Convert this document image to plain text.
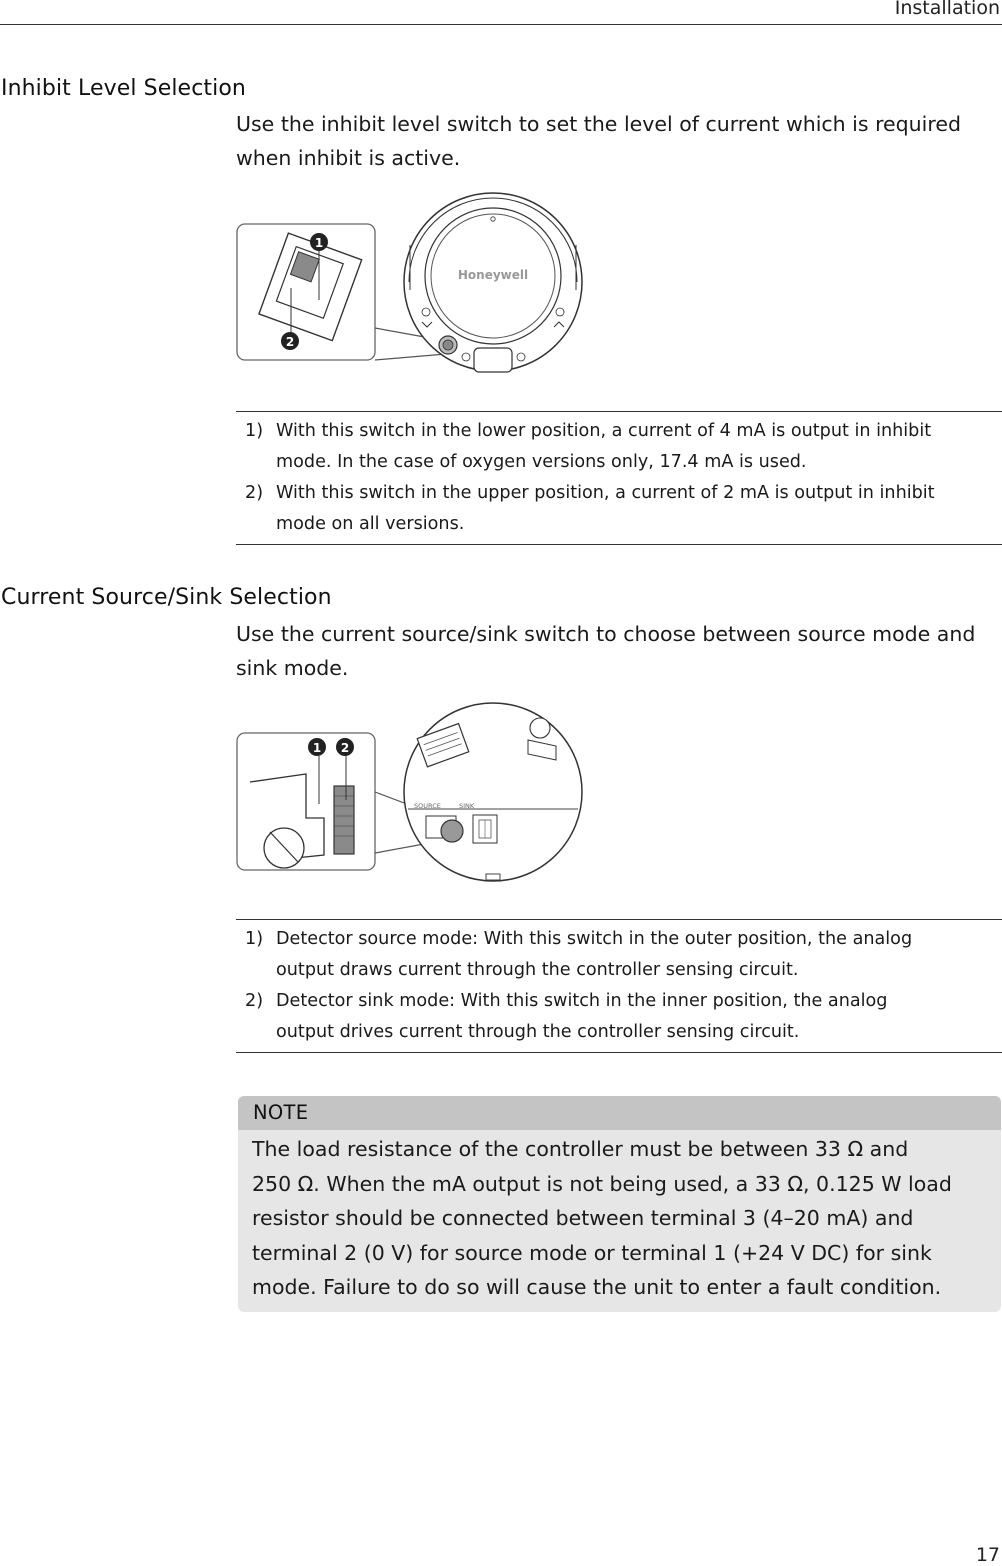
Installation
Inhibit Level Selection
Use the inhibit level switch to set the level of current which is required
when inhibit is active.
1
2
Honeywell
1) With this switch in the lower position, a current of 4 mA is output in inhibit
mode. In the case of oxygen versions only, 17.4 mA is used.
2) With this switch in the upper position, a current of 2 mA is output in inhibit
mode on all versions.
Current Source/Sink Selection
Use the current source/sink switch to choose between source mode and
sink mode.
1 2
SOURCE	SINK
1) Detector source mode: With this switch in the outer position, the analog
output draws current through the controller sensing circuit.
2) Detector sink mode: With this switch in the inner position, the analog
output drives current through the controller sensing circuit.
NOTE
The load resistance of the controller must be between 33 Ω and
250 Ω. When the mA output is not being used, a 33 Ω, 0.125 W load
resistor should be connected between terminal 3 (4–20 mA) and
terminal 2 (0 V) for source mode or terminal 1 (+24 V DC) for sink
mode. Failure to do so will cause the unit to enter a fault condition.
17
